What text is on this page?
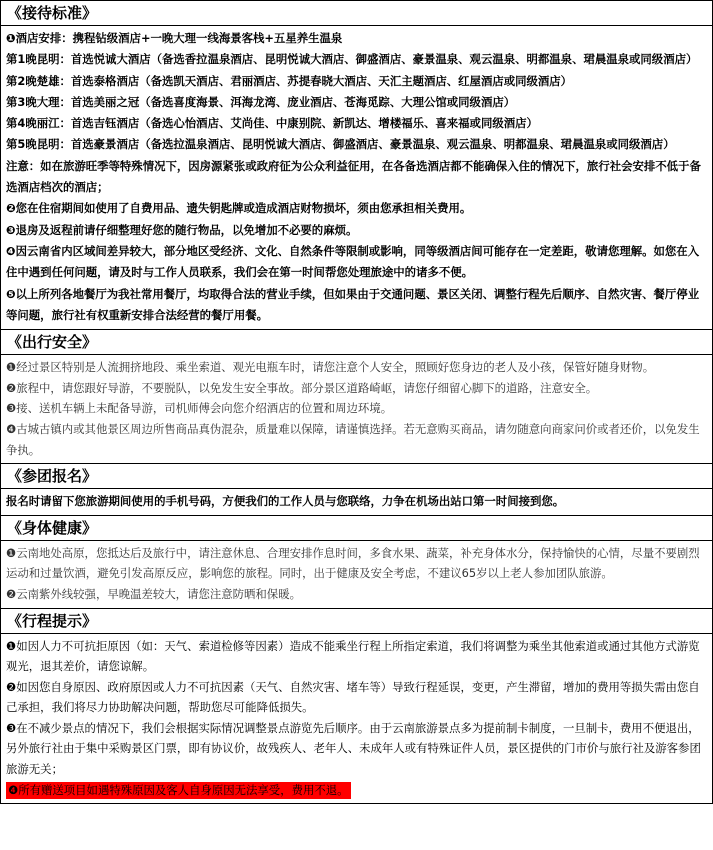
《接待标准》

❶酒店安排：携程钻级酒店+一晚大理一线海景客栈+五星养生温泉

第1晚昆明：首选悦诚大酒店（备选香拉温泉酒店、昆明悦诚大酒店、御盛酒店、豪景温泉、观云温泉、明都温泉、珺晨温泉或同级酒店）

第2晚楚雄：首选泰格酒店（备选凯天酒店、君丽酒店、苏提春晓大酒店、天汇主题酒店、红屋酒店或同级酒店）

第3晚大理：首选美丽之冠（备选喜度海景、洱海龙湾、庞业酒店、苍海觅踪、大理公馆或同级酒店）

第4晚丽江：首选吉钰酒店（备选心怡酒店、艾尚佳、中康别院、新凯达、增楼福乐、喜来福或同级酒店）

第5晚昆明：首选豪景酒店（备选拉温泉酒店、昆明悦诚大酒店、御盛酒店、豪景温泉、观云温泉、明都温泉、珺晨温泉或同级酒店）

注意：如在旅游旺季等特殊情况下，因房源紧张或政府征为公众利益征用，在各备选酒店都不能确保入住的情况下，旅行社会安排不低于备选酒店档次的酒店；

❷您在住宿期间如使用了自费用品、遗失钥匙牌或造成酒店财物损坏，须由您承担相关费用。

❸退房及返程前请仔细整理好您的随行物品，以免增加不必要的麻烦。

❹因云南省内区域间差异较大，部分地区受经济、文化、自然条件等限制或影响，同等级酒店间可能存在一定差距，敬请您理解。如您在入住中遇到任何问题，请及时与工作人员联系，我们会在第一时间帮您处理旅途中的诸多不便。

❺以上所列各地餐厅为我社常用餐厅，均取得合法的营业手续，但如果由于交通问题、景区关闭、调整行程先后顺序、自然灾害、餐厅停业等问题，旅行社有权重新安排合法经营的餐厅用餐。

《出行安全》

❶经过景区特别是人流拥挤地段、乘坐索道、观光电瓶车时，请您注意个人安全，照顾好您身边的老人及小孩，保管好随身财物。

❷旅程中，请您跟好导游，不要脱队，以免发生安全事故。部分景区道路崎岖，请您仔细留心脚下的道路，注意安全。

❸接、送机车辆上未配备导游，司机师傅会向您介绍酒店的位置和周边环境。

❹古城古镇内或其他景区周边所售商品真伪混杂，质量难以保障，请谨慎选择。若无意购买商品，请勿随意向商家问价或者还价，以免发生争执。

《参团报名》

报名时请留下您旅游期间使用的手机号码，方便我们的工作人员与您联络，力争在机场出站口第一时间接到您。

《身体健康》

❶云南地处高原，您抵达后及旅行中，请注意休息、合理安排作息时间，多食水果、蔬菜，补充身体水分，保持愉快的心情，尽量不要剧烈运动和过量饮酒，避免引发高原反应，影响您的旅程。同时，出于健康及安全考虑，不建议65岁以上老人参加团队旅游。

❷云南紫外线较强，早晚温差较大，请您注意防晒和保暖。

《行程提示》

❶如因人力不可抗拒原因（如：天气、索道检修等因素）造成不能乘坐行程上所指定索道，我们将调整为乘坐其他索道或通过其他方式游览观光，退其差价，请您谅解。

❷如因您自身原因、政府原因或人力不可抗因素（天气、自然灾害、堵车等）导致行程延误，变更，产生滞留，增加的费用等损失需由您自己承担，我们将尽力协助解决问题，帮助您尽可能降低损失。

❸在不减少景点的情况下，我们会根据实际情况调整景点游览先后顺序。由于云南旅游景点多为提前制卡制度，一旦制卡，费用不便退出，另外旅行社由于集中采购景区门票，即有协议价，故残疾人、老年人、未成年人或有特殊证件人员，景区提供的门市价与旅行社及游客参团旅游无关；

❹所有赠送项目如遇特殊原因及客人自身原因无法享受，费用不退。
